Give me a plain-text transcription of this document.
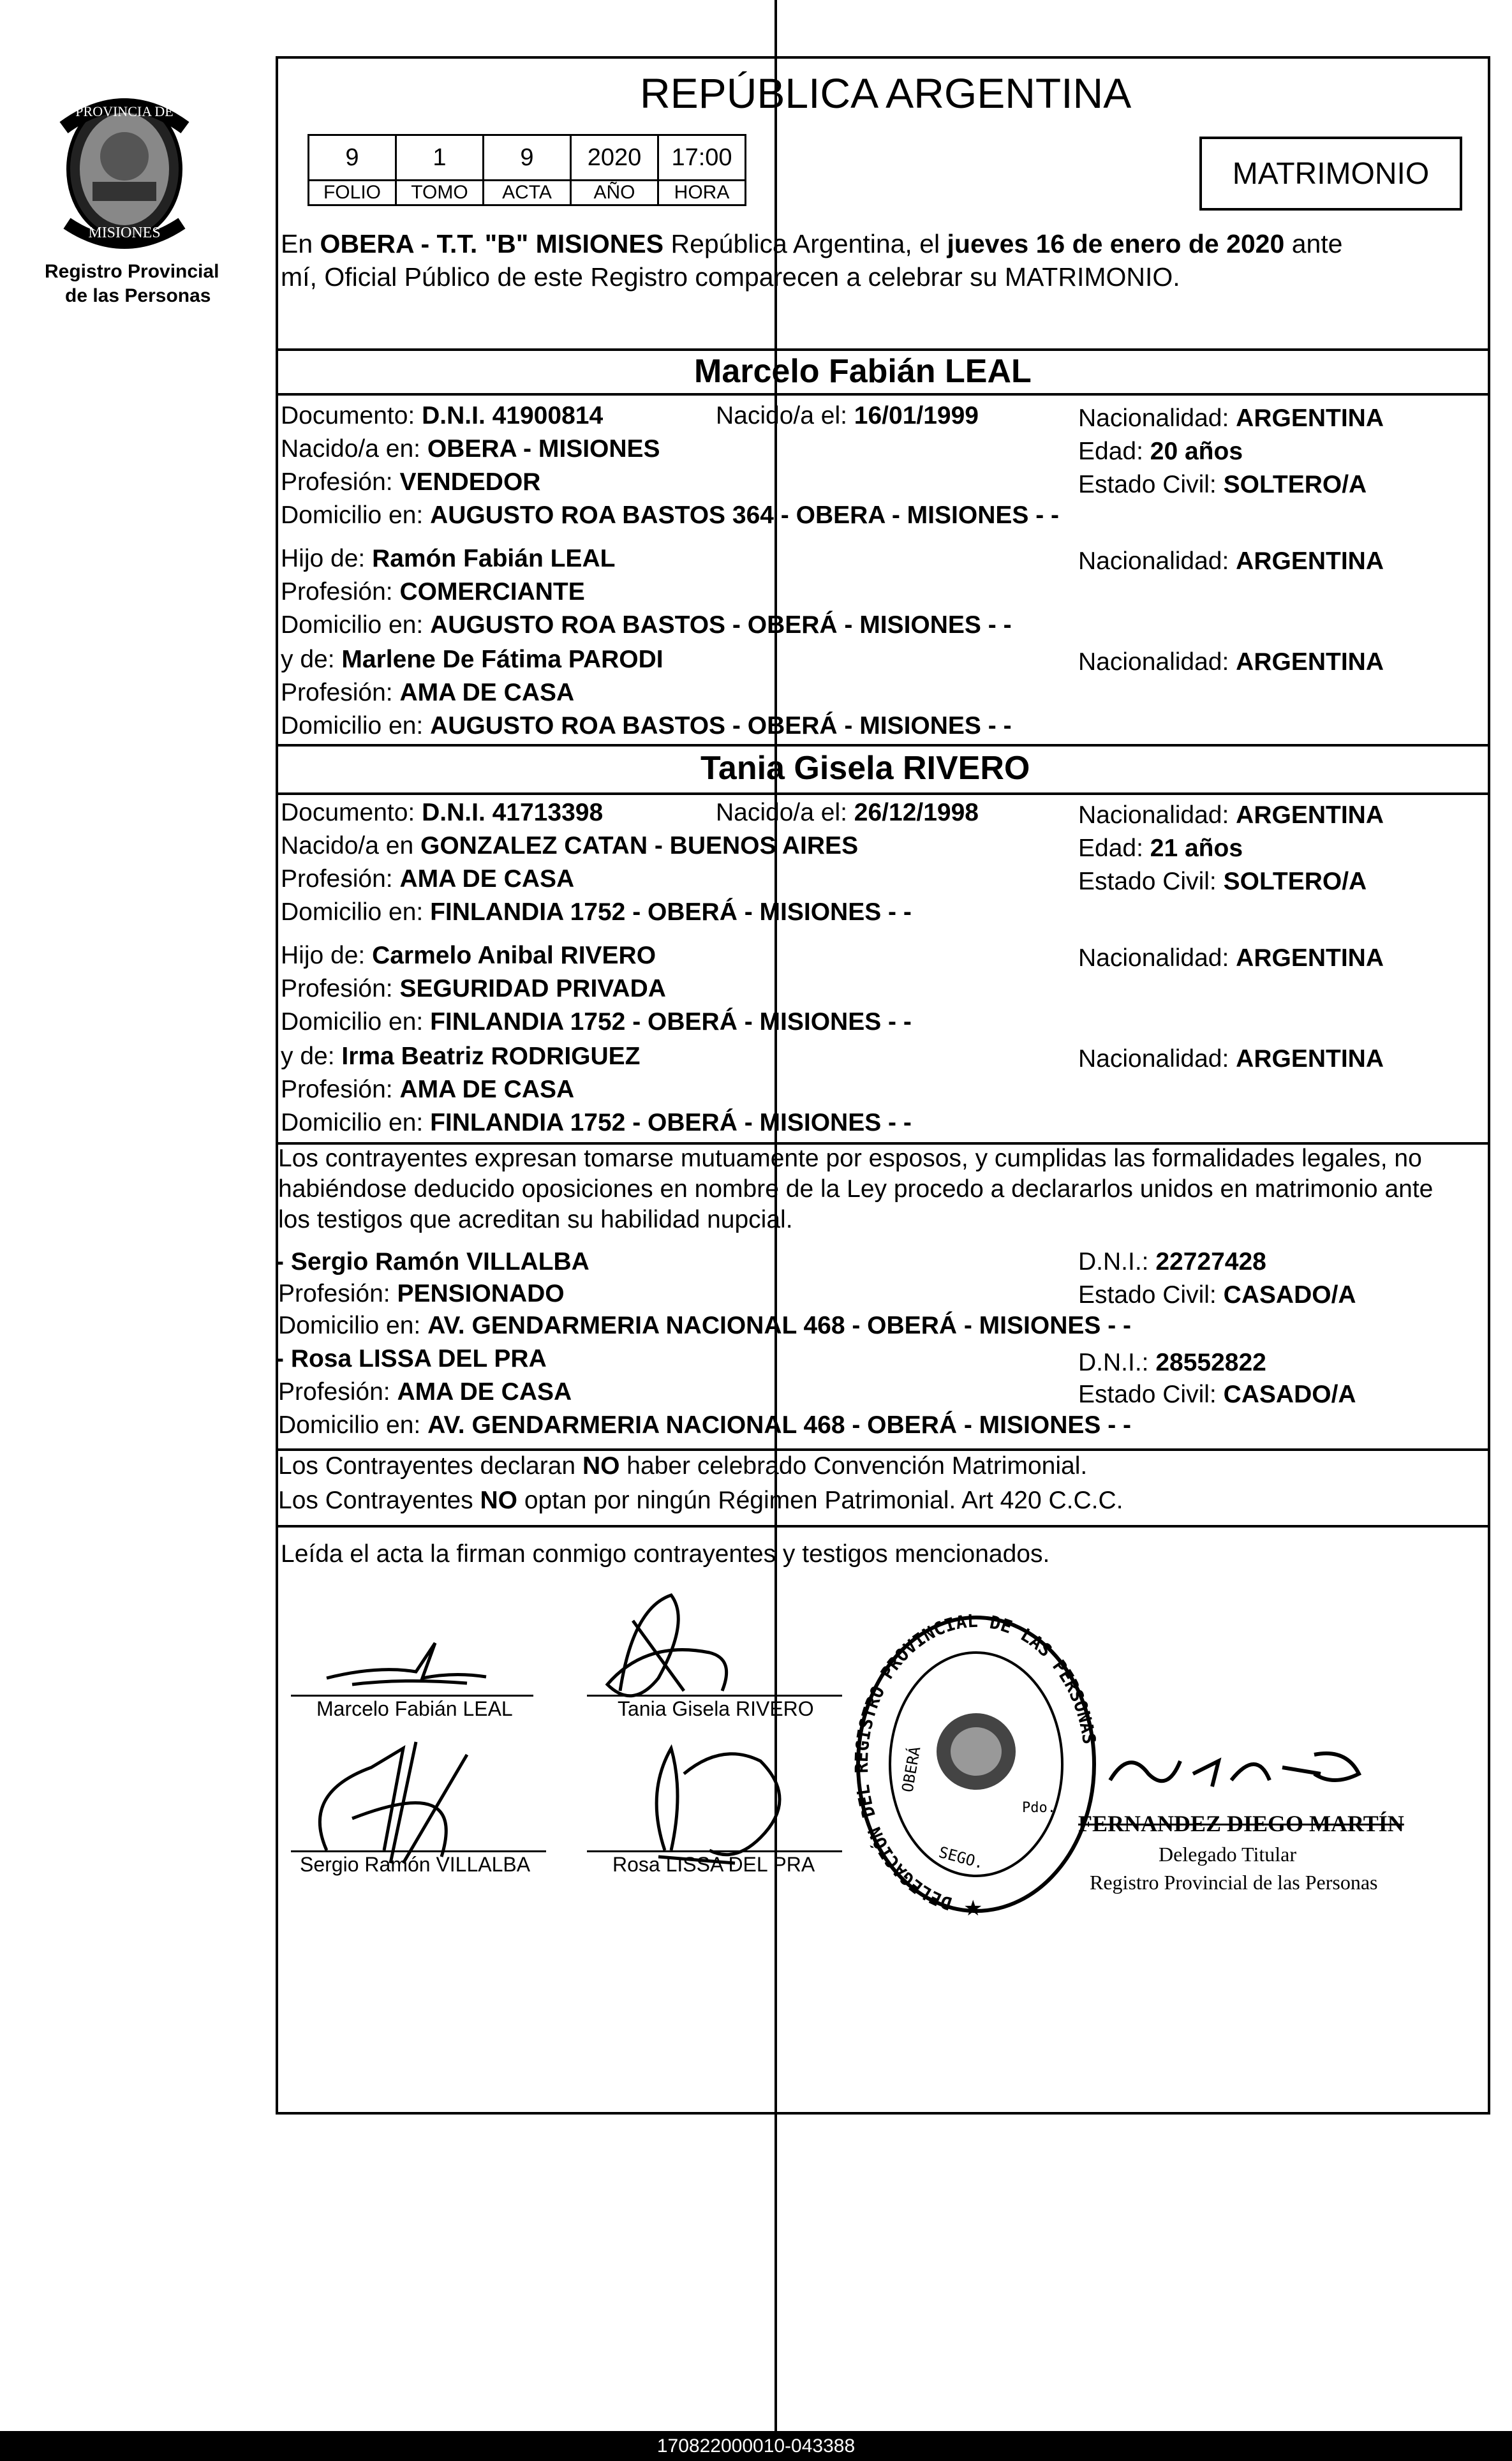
PROVINCIA DE
MISIONES
Registro Provincial
de las Personas
REPÚBLICA ARGENTINA
9	1	9	2020	17:00
FOLIO	TOMO	ACTA	AÑO	HORA
MATRIMONIO
En OBERA - T.T. "B" MISIONES República Argentina, el jueves 16 de enero de 2020 ante
mí, Oficial Público de este Registro comparecen a celebrar su MATRIMONIO.
Marcelo Fabián LEAL
Documento: D.N.I. 41900814	Nacido/a el: 16/01/1999	Nacionalidad: ARGENTINA
Nacido/a en: OBERA - MISIONES	Edad: 20 años
Profesión: VENDEDOR	Estado Civil: SOLTERO/A
Domicilio en: AUGUSTO ROA BASTOS 364 - OBERA - MISIONES - -
Hijo de: Ramón Fabián LEAL	Nacionalidad: ARGENTINA
Profesión: COMERCIANTE
Domicilio en: AUGUSTO ROA BASTOS - OBERÁ - MISIONES - -
y de: Marlene De Fátima PARODI	Nacionalidad: ARGENTINA
Profesión: AMA DE CASA
Domicilio en: AUGUSTO ROA BASTOS - OBERÁ - MISIONES - -
Tania Gisela RIVERO
Documento: D.N.I. 41713398	Nacido/a el: 26/12/1998	Nacionalidad: ARGENTINA
Nacido/a en GONZALEZ CATAN - BUENOS AIRES	Edad: 21 años
Profesión: AMA DE CASA	Estado Civil: SOLTERO/A
Domicilio en: FINLANDIA 1752 - OBERÁ - MISIONES - -
Hijo de: Carmelo Anibal RIVERO	Nacionalidad: ARGENTINA
Profesión: SEGURIDAD PRIVADA
Domicilio en: FINLANDIA 1752 - OBERÁ - MISIONES - -
y de: Irma Beatriz RODRIGUEZ	Nacionalidad: ARGENTINA
Profesión: AMA DE CASA
Domicilio en: FINLANDIA 1752 - OBERÁ - MISIONES - -
Los contrayentes expresan tomarse mutuamente por esposos, y cumplidas las formalidades legales, no
habiéndose deducido oposiciones en nombre de la Ley procedo a declararlos unidos en matrimonio ante
los testigos que acreditan su habilidad nupcial.
- Sergio Ramón VILLALBA	D.N.I.: 22727428
Profesión: PENSIONADO	Estado Civil: CASADO/A
Domicilio en: AV. GENDARMERIA NACIONAL 468 - OBERÁ - MISIONES - -
- Rosa LISSA DEL PRA	D.N.I.: 28552822
Profesión: AMA DE CASA	Estado Civil: CASADO/A
Domicilio en: AV. GENDARMERIA NACIONAL 468 - OBERÁ - MISIONES - -
Los Contrayentes declaran NO haber celebrado Convención Matrimonial.
Los Contrayentes NO optan por ningún Régimen Patrimonial. Art 420 C.C.C.
Leída el acta la firman conmigo contrayentes y testigos mencionados.
Marcelo Fabián LEAL	Tania Gisela RIVERO
Sergio Ramón VILLALBA	Rosa LISSA DEL PRA
DELEGACIÓN DEL REGISTRO PROVINCIAL DE LAS PERSONAS
OBERÁ
Pdo.
SEGO.
★
FERNANDEZ DIEGO MARTÍN
Delegado Titular
Registro Provincial de las Personas
170822000010-043388
